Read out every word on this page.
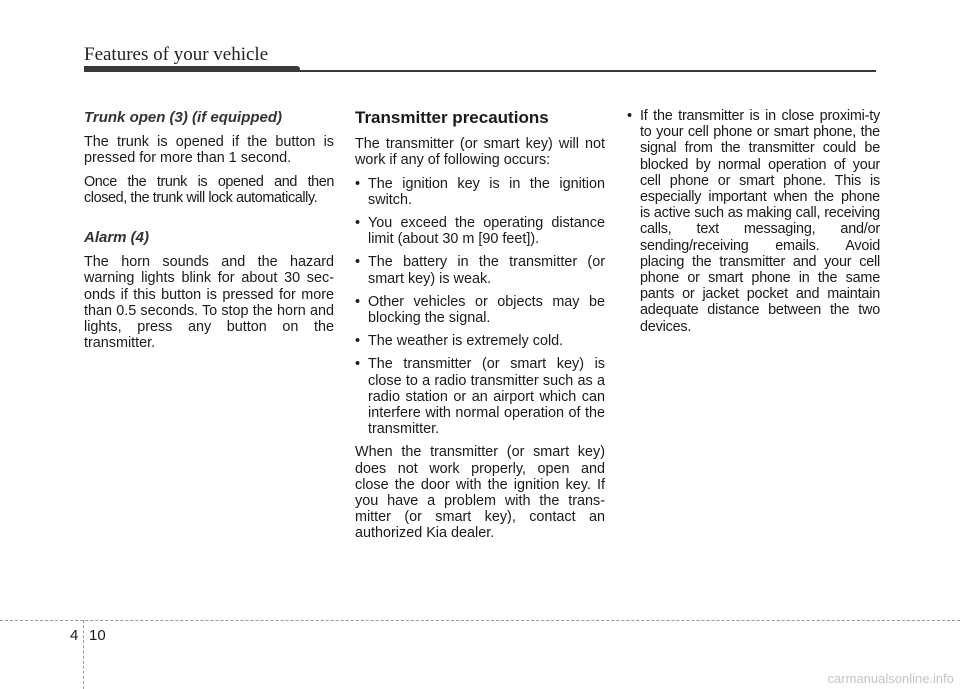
Features of your vehicle
Trunk open (3) (if equipped)

The trunk is opened if the button is pressed for more than 1 second.

Once the trunk is opened and then closed, the trunk will lock automatically.

Alarm (4)

The horn sounds and the hazard warning lights blink for about 30 sec-onds if this button is pressed for more than 0.5 seconds. To stop the horn and lights, press any button on the transmitter.

Transmitter precautions

The transmitter (or smart key) will not work if any of following occurs:

• The ignition key is in the ignition switch.
• You exceed the operating distance limit (about 30 m [90 feet]).
• The battery in the transmitter (or smart key) is weak.
• Other vehicles or objects may be blocking the signal.
• The weather is extremely cold.
• The transmitter (or smart key) is close to a radio transmitter such as a radio station or an airport which can interfere with normal operation of the transmitter.

When the transmitter (or smart key) does not work properly, open and close the door with the ignition key. If you have a problem with the trans-mitter (or smart key), contact an authorized Kia dealer.

• If the transmitter is in close proximi-ty to your cell phone or smart phone, the signal from the transmitter could be blocked by normal operation of your cell phone or smart phone. This is especially important when the phone is active such as making call, receiving calls, text messaging, and/or sending/receiving emails. Avoid placing the transmitter and your cell phone or smart phone in the same pants or jacket pocket and maintain adequate distance between the two devices.
4 10
carmanualsonline.info
